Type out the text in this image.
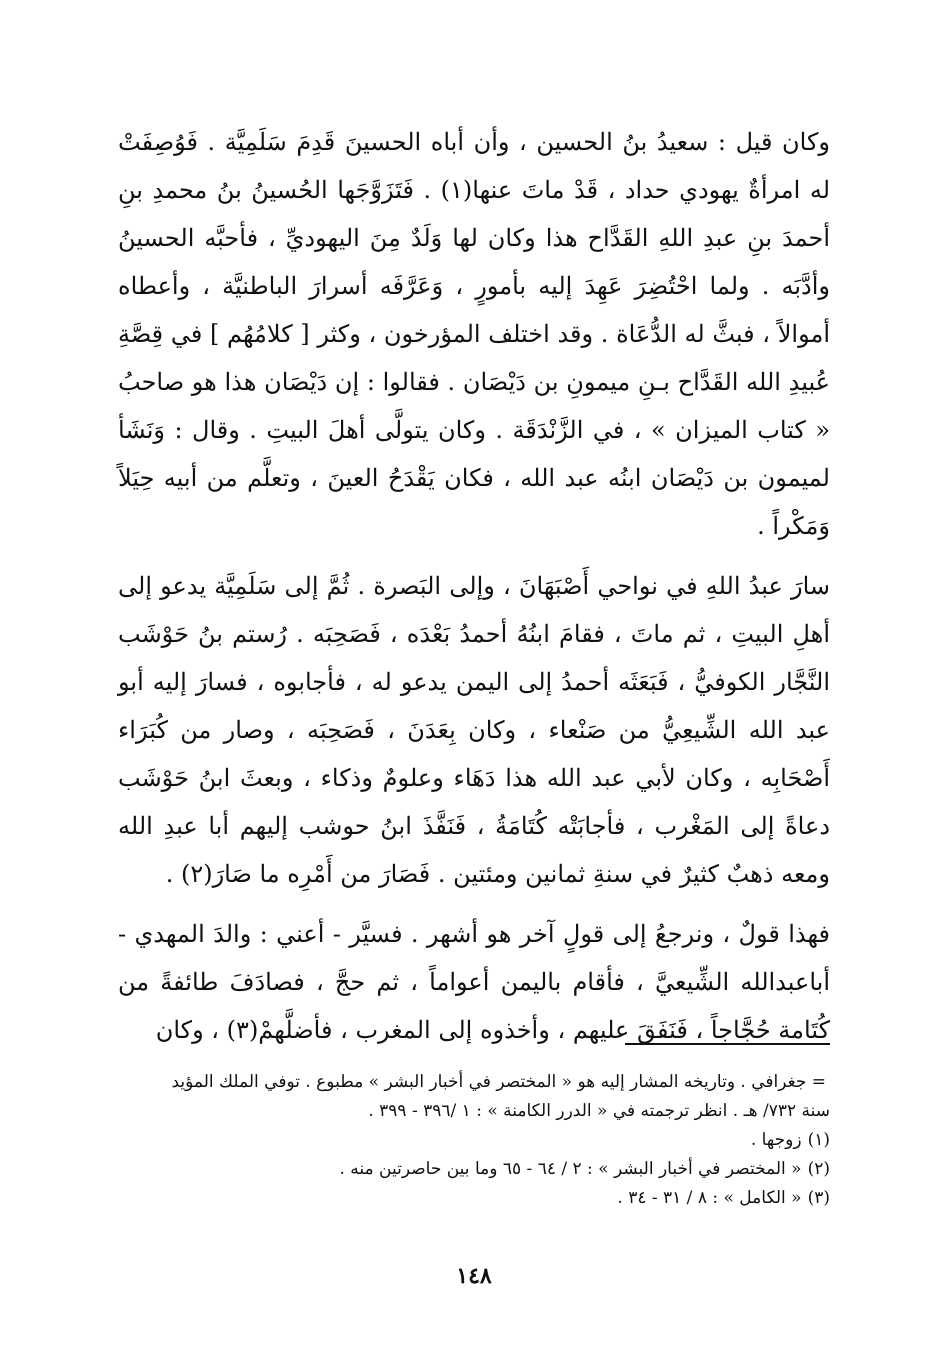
وكان قيل : سعيدُ بنُ الحسين ، وأن أباه الحسينَ قَدِمَ سَلَمِيَّة . فَوُصِفَتْ له امرأةٌ يهودي حداد ، قَدْ ماتَ عنها(١) . فَتَزَوَّجَها الحُسينُ بنُ محمدِ بنِ أحمدَ بنِ عبدِ اللهِ القَدَّاح هذا وكان لها وَلَدٌ مِنَ اليهوديِّ ، فأحبَّه الحسينُ وأدَّبَه . ولما احْتُضِرَ عَهِدَ إليه بأمورٍ ، وَعَرَّفَه أسرارَ الباطنيَّة ، وأعطاه أموالاً ، فبثَّ له الدُّعَاة . وقد اختلف المؤرخون ، وكثر [ كلامُهُم ] في قِصَّةِ عُبيدِ الله القَدَّاح بـنِ ميمونِ بن دَيْصَان . فقالوا : إن دَيْصَان هذا هو صاحبُ « كتاب الميزان » ، في الزَّنْدَقَة . وكان يتولَّى أهلَ البيتِ . وقال : وَنَشَأ لميمون بن دَيْصَان ابنُه عبد الله ، فكان يَقْدَحُ العينَ ، وتعلَّم من أبيه حِيَلاً وَمَكْراً .

سارَ عبدُ اللهِ في نواحي أَصْبَهَانَ ، وإلى البَصرة . ثُمَّ إلى سَلَمِيَّة يدعو إلى أهلِ البيتِ ، ثم ماتَ ، فقامَ ابنُهُ أحمدُ بَعْدَه ، فَصَحِبَه . رُستم بنُ حَوْشَب النَّجَّار الكوفيُّ ، فَبَعَثَه أحمدُ إلى اليمن يدعو له ، فأجابوه ، فسارَ إليه أبو عبد الله الشِّيعِيُّ من صَنْعاء ، وكان بِعَدَنَ ، فَصَحِبَه ، وصار من كُبَرَاء أَصْحَابِه ، وكان لأبي عبد الله هذا دَهَاء وعلومٌ وذكاء ، وبعثَ ابنُ حَوْشَب دعاةً إلى المَغْرب ، فأجابَتْه كُتَامَةُ ، فَنَفَّذَ ابنُ حوشب إليهم أبا عبدِ الله ومعه ذهبٌ كثيرٌ في سنةِ ثمانين ومئتين . فَصَارَ من أَمْرِه ما صَارَ(٢) .

فهذا قولٌ ، ونرجعُ إلى قولٍ آخر هو أشهر . فسيَّر - أعني : والدَ المهدي - أباعبدالله الشِّيعيَّ ، فأقام باليمن أعواماً ، ثم حجَّ ، فصادَفَ طائفةً من كُتَامة حُجَّاجاً ، فَنَفَقَ عليهم ، وأخذوه إلى المغرب ، فأضلَّهمْ(٣) ، وكان

= جغرافي . وتاريخه المشار إليه هو « المختصر في أخبار البشر » مطبوع . توفي الملك المؤيد

سنة ٧٣٢/ هـ . انظر ترجمته في « الدرر الكامنة » : ١ /٣٩٦ - ٣٩٩ .

(١)زوجها .

(٢)« المختصر في أخبار البشر » : ٢ / ٦٤ - ٦٥ وما بين حاصرتين منه .

(٣)« الكامل » : ٨ / ٣١ - ٣٤ .

١٤٨
